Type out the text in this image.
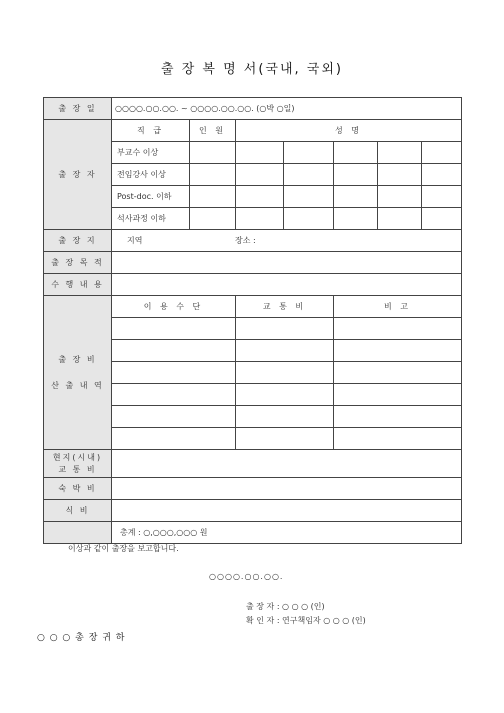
출 장 복 명 서(국내, 국외)
출 장 일	○○○○.○○.○○. ~ ○○○○.○○.○○. (○박 ○일)						
출 장 자	직 급	인 원	성 명				
	부교수 이상						
	전임강사 이상						
	Post-doc. 이하						
	석사과정 이하						
출 장 지	지역 장소 :						
출 장 목 적							
수 행 내 용							

출 장 비
산 출 내 역	이 용 수 단		교 통 비		비 고		

현지(시내)
교 통 비							

숙 박 비							
식 비							
	총계 : ○,○○○,○○○ 원						
이상과 같이 출장을 보고합니다.
○○○○.○○.○○.
출 장 자 : ○ ○ ○ (인)
확 인 자 : 연구책임자 ○ ○ ○ (인)
○ ○ ○ 총 장 귀 하
